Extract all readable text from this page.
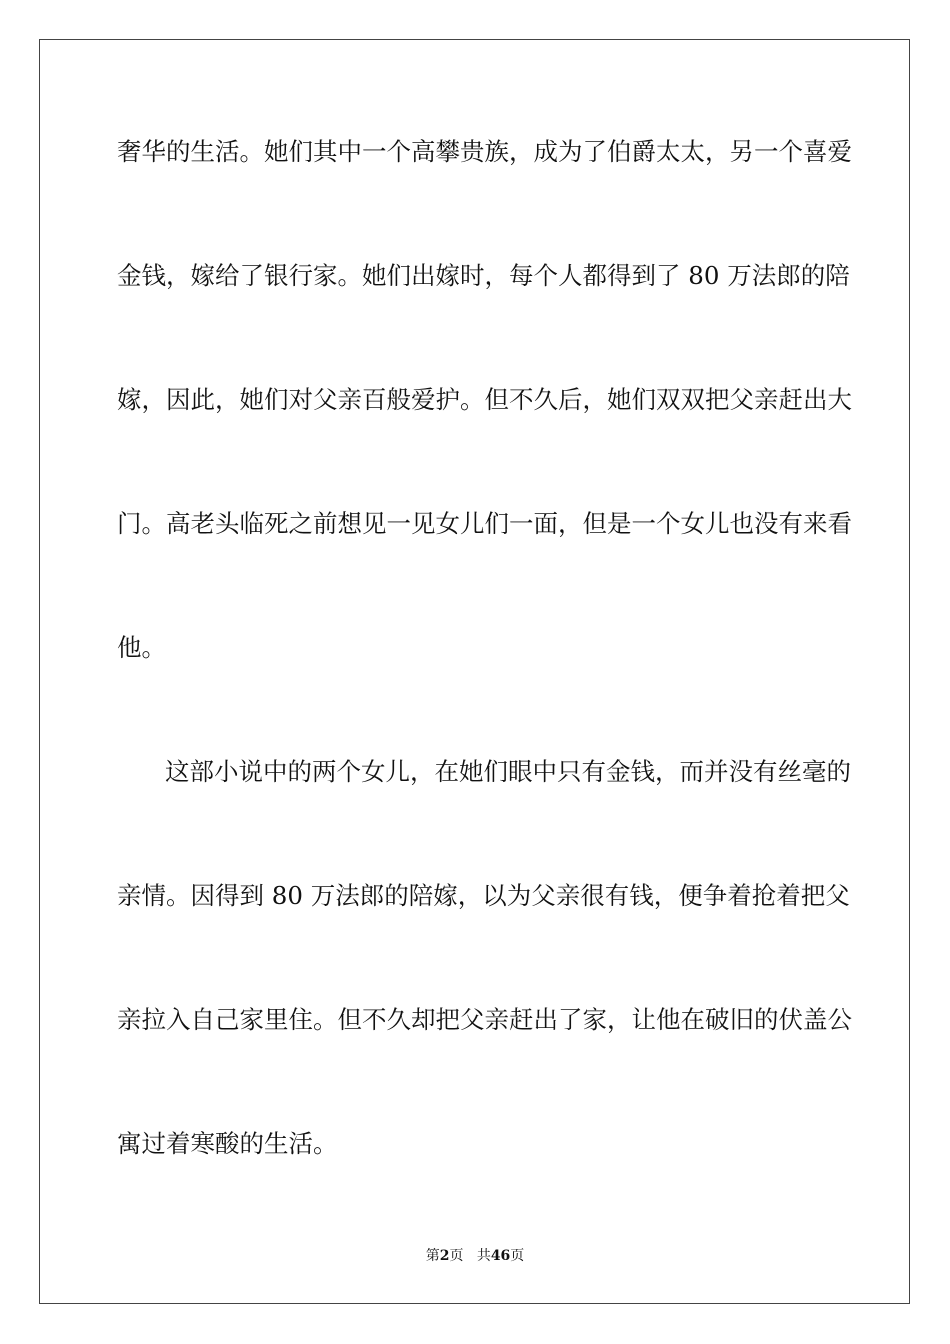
奢华的生活。她们其中一个高攀贵族，成为了伯爵太太，另一个喜爱
金钱，嫁给了银行家。她们出嫁时，每个人都得到了 80 万法郎的陪
嫁，因此，她们对父亲百般爱护。但不久后，她们双双把父亲赶出大
门。高老头临死之前想见一见女儿们一面，但是一个女儿也没有来看
他。
这部小说中的两个女儿，在她们眼中只有金钱，而并没有丝毫的
亲情。因得到 80 万法郎的陪嫁，以为父亲很有钱，便争着抢着把父
亲拉入自己家里住。但不久却把父亲赶出了家，让他在破旧的伏盖公
寓过着寒酸的生活。
第2页 共46页
